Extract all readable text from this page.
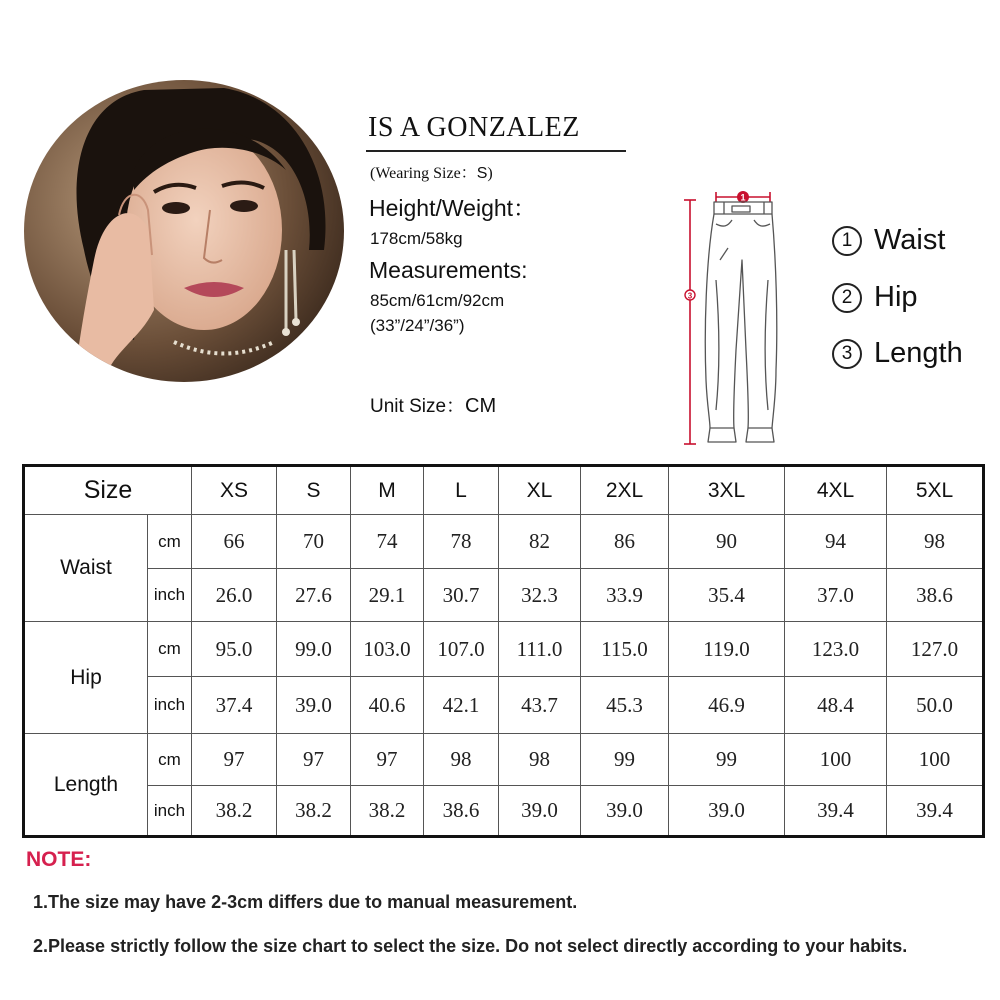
IS A GONZALEZ
(Wearing Size：S)
Height/Weight：
178cm/58kg
Measurements:
85cm/61cm/92cm
(33”/24”/36”)
Unit Size：CM
1
3
1 Waist
2 Hip
3 Length
Size		XS	S	M	L	XL	2XL	3XL	4XL	5XL
Waist	cm	66	70	74	78	82	86	90	94	98
	inch	26.0	27.6	29.1	30.7	32.3	33.9	35.4	37.0	38.6
Hip	cm	95.0	99.0	103.0	107.0	111.0	115.0	119.0	123.0	127.0
	inch	37.4	39.0	40.6	42.1	43.7	45.3	46.9	48.4	50.0
Length	cm	97	97	97	98	98	99	99	100	100
	inch	38.2	38.2	38.2	38.6	39.0	39.0	39.0	39.4	39.4
NOTE:
1.The size may have 2-3cm differs due to manual measurement.
2.Please strictly follow the size chart to select the size. Do not select directly according to your habits.
